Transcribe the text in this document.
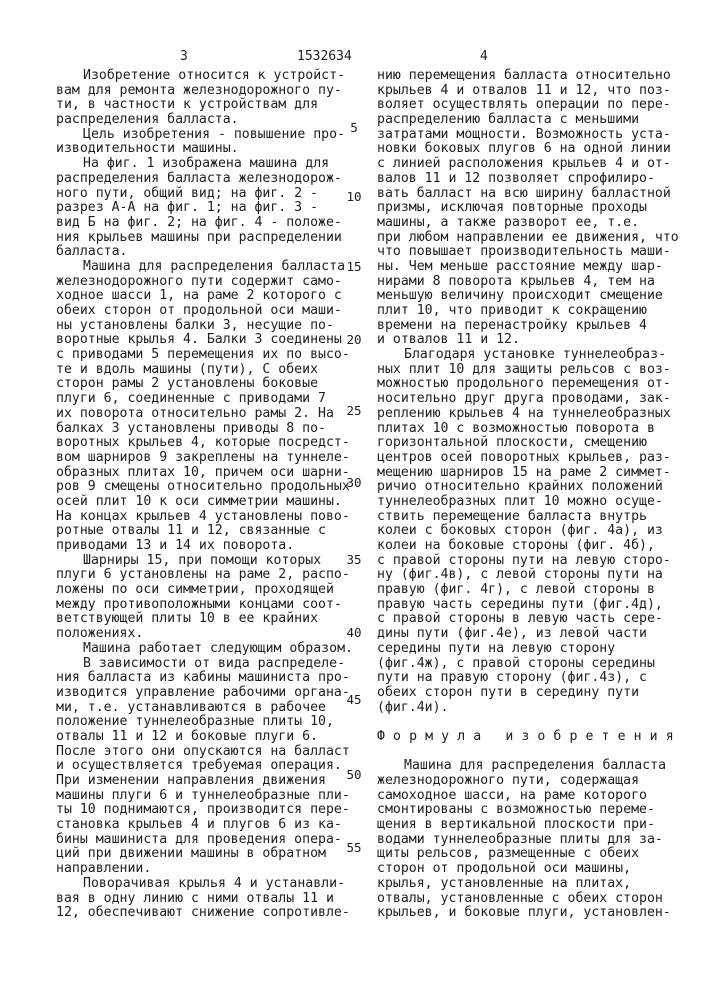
3	1532634	4
Изобретение относится к устройст-
вам для ремонта железнодорожного пу-
ти, в частности к устройствам для
распределения балласта.
Цель изобретения - повышение про-
изводительности машины.
На фиг. 1 изображена машина для
распределения балласта железнодорож-
ного пути, общий вид; на фиг. 2 -
разрез А-А на фиг. 1; на фиг. 3 -
вид Б на фиг. 2; на фиг. 4 - положе-
ния крыльев машины при распределении
балласта.
Машина для распределения балласта
железнодорожного пути содержит само-
ходное шасси 1, на раме 2 которого с
обеих сторон от продольной оси маши-
ны установлены балки 3, несущие по-
воротные крылья 4. Балки 3 соединены
с приводами 5 перемещения их по высо-
те и вдоль машины (пути), С обеих
сторон рамы 2 установлены боковые
плуги 6, соединенные с приводами 7
их поворота относительно рамы 2. На
балках 3 установлены приводы 8 по-
воротных крыльев 4, которые посредст-
вом шарниров 9 закреплены на туннеле-
образных плитах 10, причем оси шарни-
ров 9 смещены относительно продольных
осей плит 10 к оси симметрии машины.
На концах крыльев 4 установлены пово-
ротные отвалы 11 и 12, связанные с
приводами 13 и 14 их поворота.
Шарниры 15, при помощи которых
плуги 6 установлены на раме 2, распо-
ложены по оси симметрии, проходящей
между противоположными концами соот-
ветствующей плиты 10 в ее крайних
положениях.
Машина работает следующим образом.
В зависимости от вида распределе-
ния балласта из кабины машиниста про-
изводится управление рабочими органа-
ми, т.е. устанавливаются в рабочее
положение туннелеобразные плиты 10,
отвалы 11 и 12 и боковые плуги 6.
После этого они опускаются на балласт
и осуществляется требуемая операция.
При изменении направления движения
машины плуги 6 и туннелеобразные пли-
ты 10 поднимаются, производится пере-
становка крыльев 4 и плугов 6 из ка-
бины машиниста для проведения опера-
ций при движении машины в обратном
направлении.
Поворачивая крылья 4 и устанавли-
вая в одну линию с ними отвалы 11 и
12, обеспечивают снижение сопротивле-
нию перемещения балласта относительно
крыльев 4 и отвалов 11 и 12, что поз-
воляет осуществлять операции по пере-
распределению балласта с меньшими
затратами мощности. Возможность уста-
новки боковых плугов 6 на одной линии
с линией расположения крыльев 4 и от-
валов 11 и 12 позволяет спрофилиро-
вать балласт на всю ширину балластной
призмы, исключая повторные проходы
машины, а также разворот ее, т.е.
при любом направлении ее движения, что
что повышает производительность маши-
ны. Чем меньше расстояние между шар-
нирами 8 поворота крыльев 4, тем на
меньшую величину происходит смещение
плит 10, что приводит к сокращению
времени на перенастройку крыльев 4
и отвалов 11 и 12.
Благодаря установке туннелеобраз-
ных плит 10 для защиты рельсов с воз-
можностью продольного перемещения от-
носительно друг друга проводами, зак-
реплению крыльев 4 на туннелеобразных
плитах 10 с возможностью поворота в
горизонтальной плоскости, смещению
центров осей поворотных крыльев, раз-
мещению шарниров 15 на раме 2 симмет-
ричио относительно крайних положений
туннелеобразных плит 10 можно осуще-
ствить перемещение балласта внутрь
колеи с боковых сторон (фиг. 4а), из
колеи на боковые стороны (фиг. 4б),
с правой стороны пути на левую сторо-
ну (фиг.4в), с левой стороны пути на
правую (фиг. 4г), с левой стороны в
правую часть середины пути (фиг.4д),
с правой стороны в левую часть сере-
дины пути (фиг.4е), из левой части
середины пути на левую сторону
(фиг.4ж), с правой стороны середины
пути на правую сторону (фиг.4з), с
обеих сторон пути в середину пути
(фиг.4и).
Формула изобретения
Машина для распределения балласта
железнодорожного пути, содержащая
самоходное шасси, на раме которого
смонтированы с возможностью переме-
щения в вертикальной плоскости при-
водами туннелеобразные плиты для за-
щиты рельсов, размещенные с обеих
сторон от продольной оси машины,
крылья, установленные на плитах,
отвалы, установленные с обеих сторон
крыльев, и боковые плуги, установлен-
5
10
15
20
25
30
35
40
45
50
55
